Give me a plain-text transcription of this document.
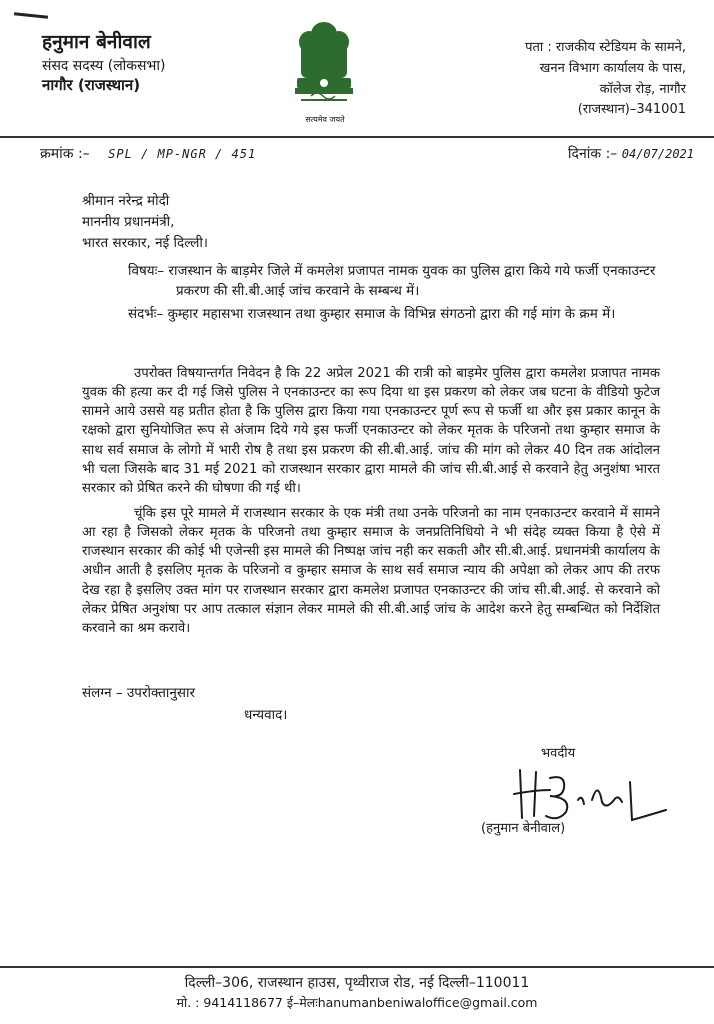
हनुमान बेनीवाल
संसद सदस्य (लोकसभा)
नागौर (राजस्थान)
सत्यमेव जयते
पता : राजकीय स्टेडियम के सामने,
खनन विभाग कार्यालय के पास,
कॉलेज रोड़, नागौर
(राजस्थान)–341001
क्रमांक :– SPL / MP-NGR / 451	दिनांक :– 04/07/2021
श्रीमान नरेन्द्र मोदी
माननीय प्रधानमंत्री,
भारत सरकार, नई दिल्ली।
विषयः– राजस्थान के बाड़मेर जिले में कमलेश प्रजापत नामक युवक का पुलिस द्वारा किये गये फर्जी एनकाउन्टर प्रकरण की सी.बी.आई जांच करवाने के सम्बन्ध में।
संदर्भः– कुम्हार महासभा राजस्थान तथा कुम्हार समाज के विभिन्न संगठनो द्वारा की गई मांग के क्रम में।

उपरोक्त विषयान्तर्गत निवेदन है कि 22 अप्रेल 2021 की रात्री को बाड़मेर पुलिस द्वारा कमलेश प्रजापत नामक युवक की हत्या कर दी गई जिसे पुलिस ने एनकाउन्टर का रूप दिया था इस प्रकरण को लेकर जब घटना के वीडियो फुटेज सामने आये उससे यह प्रतीत होता है कि पुलिस द्वारा किया गया एनकाउन्टर पूर्ण रूप से फर्जी था और इस प्रकार कानून के रक्षको द्वारा सुनियोजित रूप से अंजाम दिये गये इस फर्जी एनकाउन्टर को लेकर मृतक के परिजनो तथा कुम्हार समाज के साथ सर्व समाज के लोगो में भारी रोष है तथा इस प्रकरण की सी.बी.आई. जांच की मांग को लेकर 40 दिन तक आंदोलन भी चला जिसके बाद 31 मई 2021 को राजस्थान सरकार द्वारा मामले की जांच सी.बी.आई से करवाने हेतु अनुशंषा भारत सरकार को प्रेषित करने की घोषणा की गई थी।

चूंकि इस पूरे मामले में राजस्थान सरकार के एक मंत्री तथा उनके परिजनो का नाम एनकाउन्टर करवाने में सामने आ रहा है जिसको लेकर मृतक के परिजनो तथा कुम्हार समाज के जनप्रतिनिधियो ने भी संदेह व्यक्त किया है ऐसे में राजस्थान सरकार की कोई भी एजेन्सी इस मामले की निष्पक्ष जांच नही कर सकती और सी.बी.आई. प्रधानमंत्री कार्यालय के अधीन आती है इसलिए मृतक के परिजनो व कुम्हार समाज के साथ सर्व समाज न्याय की अपेक्षा को लेकर आप की तरफ देख रहा है इसलिए उक्त मांग पर राजस्थान सरकार द्वारा कमलेश प्रजापत एनकाउन्टर की जांच सी.बी.आई. से करवाने को लेकर प्रेषित अनुशंषा पर आप तत्काल संज्ञान लेकर मामले की सी.बी.आई जांच के आदेश करने हेतु सम्बन्धित को निर्देशित करवाने का श्रम करावे।

संलग्न – उपरोक्तानुसार
धन्यवाद।
भवदीय
(हनुमान बेनीवाल)
दिल्ली–306, राजस्थान हाउस, पृथ्वीराज रोड, नई दिल्ली–110011
मो. : 9414118677 ई–मेलःhanumanbeniwaloffice@gmail.com
